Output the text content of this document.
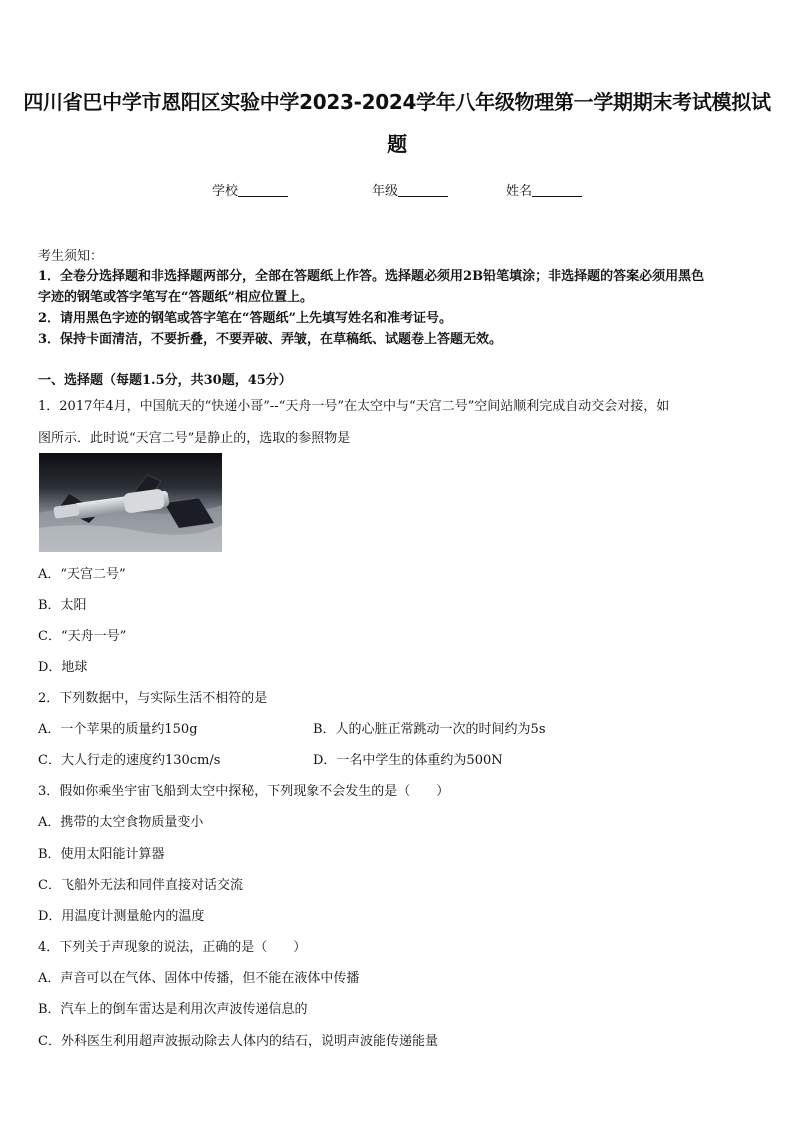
四川省巴中学市恩阳区实验中学2023-2024学年八年级物理第一学期期末考试模拟试
题
学校	年级	姓名
考生须知：
1．全卷分选择题和非选择题两部分，全部在答题纸上作答。选择题必须用2B铅笔填涂；非选择题的答案必须用黑色
字迹的钢笔或答字笔写在“答题纸”相应位置上。
2．请用黑色字迹的钢笔或答字笔在“答题纸”上先填写姓名和准考证号。
3．保持卡面清洁，不要折叠，不要弄破、弄皱，在草稿纸、试题卷上答题无效。
一、选择题（每题1.5分，共30题，45分）
1．2017年4月，中国航天的“快递小哥”--“天舟一号”在太空中与“天宫二号”空间站顺利完成自动交会对接，如
图所示．此时说“天宫二号”是静止的，选取的参照物是
A．“天宫二号”
B．太阳
C．“天舟一号”
D．地球
2．下列数据中，与实际生活不相符的是
A．一个苹果的质量约150g	B．人的心脏正常跳动一次的时间约为5s
C．大人行走的速度约130cm/s	D．一名中学生的体重约为500N
3．假如你乘坐宇宙飞船到太空中探秘，下列现象不会发生的是（　　）
A．携带的太空食物质量变小
B．使用太阳能计算器
C．飞船外无法和同伴直接对话交流
D．用温度计测量舱内的温度
4．下列关于声现象的说法，正确的是（　　）
A．声音可以在气体、固体中传播，但不能在液体中传播
B．汽车上的倒车雷达是利用次声波传递信息的
C．外科医生利用超声波振动除去人体内的结石，说明声波能传递能量
